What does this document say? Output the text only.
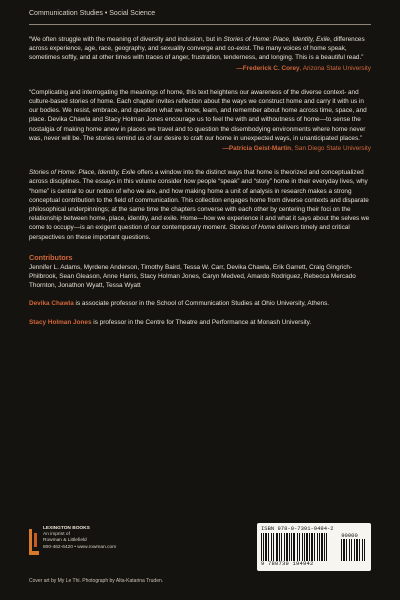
Communication Studies • Social Science

“We often struggle with the meaning of diversity and inclusion, but in Stories of Home: Place, Identity, Exile, differences across experience, age, race, geography, and sexuality converge and co-exist. The many voices of home speak, sometimes softly, and at other times with traces of anger, frustration, tenderness, and longing. This is a beautiful read.”

—Frederick C. Corey, Arizona State University

“Complicating and interrogating the meanings of home, this text heightens our awareness of the diverse context- and culture-based stories of home. Each chapter invites reflection about the ways we construct home and carry it with us in our bodies. We resist, embrace, and question what we know, learn, and remember about home across time, space, and place. Devika Chawla and Stacy Holman Jones encourage us to feel the with and withoutness of home—to sense the nostalgia of making home anew in places we travel and to question the disembodying environments where home never was, never will be. The stories remind us of our desire to craft our home in unexpected ways, in unanticipated places.”

—Patricia Geist-Martin, San Diego State University

Stories of Home: Place, Identity, Exile offers a window into the distinct ways that home is theorized and conceptualized across disciplines. The essays in this volume consider how people “speak” and “story” home in their everyday lives, why “home” is central to our notion of who we are, and how making home a unit of analysis in research makes a strong conceptual contribution to the field of communication. This collection engages home from diverse contexts and disparate philosophical underpinnings; at the same time the chapters converse with each other by centering their foci on the relationship between home, place, identity, and exile. Home—how we experience it and what it says about the selves we come to occupy—is an exigent question of our contemporary moment. Stories of Home delivers timely and critical perspectives on these important questions.

Contributors
Jennifer L. Adams, Myrdene Anderson, Timothy Baird, Tessa W. Carr, Devika Chawla, Erik Garrett, Craig Gingrich-Philbrook, Sean Gleason, Anne Harris, Stacy Holman Jones, Caryn Medved, Amardo Rodriguez, Rebecca Mercado Thornton, Jonathon Wyatt, Tessa Wyatt
Devika Chawla is associate professor in the School of Communication Studies at Ohio University, Athens.
Stacy Holman Jones is professor in the Centre for Theatre and Performance at Monash University.
LEXINGTON BOOKS
An imprint of
Rowman & Littlefield
800-462-6420 • www.rowman.com
ISBN 978-0-7391-9494-2
90000
9 780739 194942
Cover art by My Le Thi. Photograph by Alta-Katarina Truden.
